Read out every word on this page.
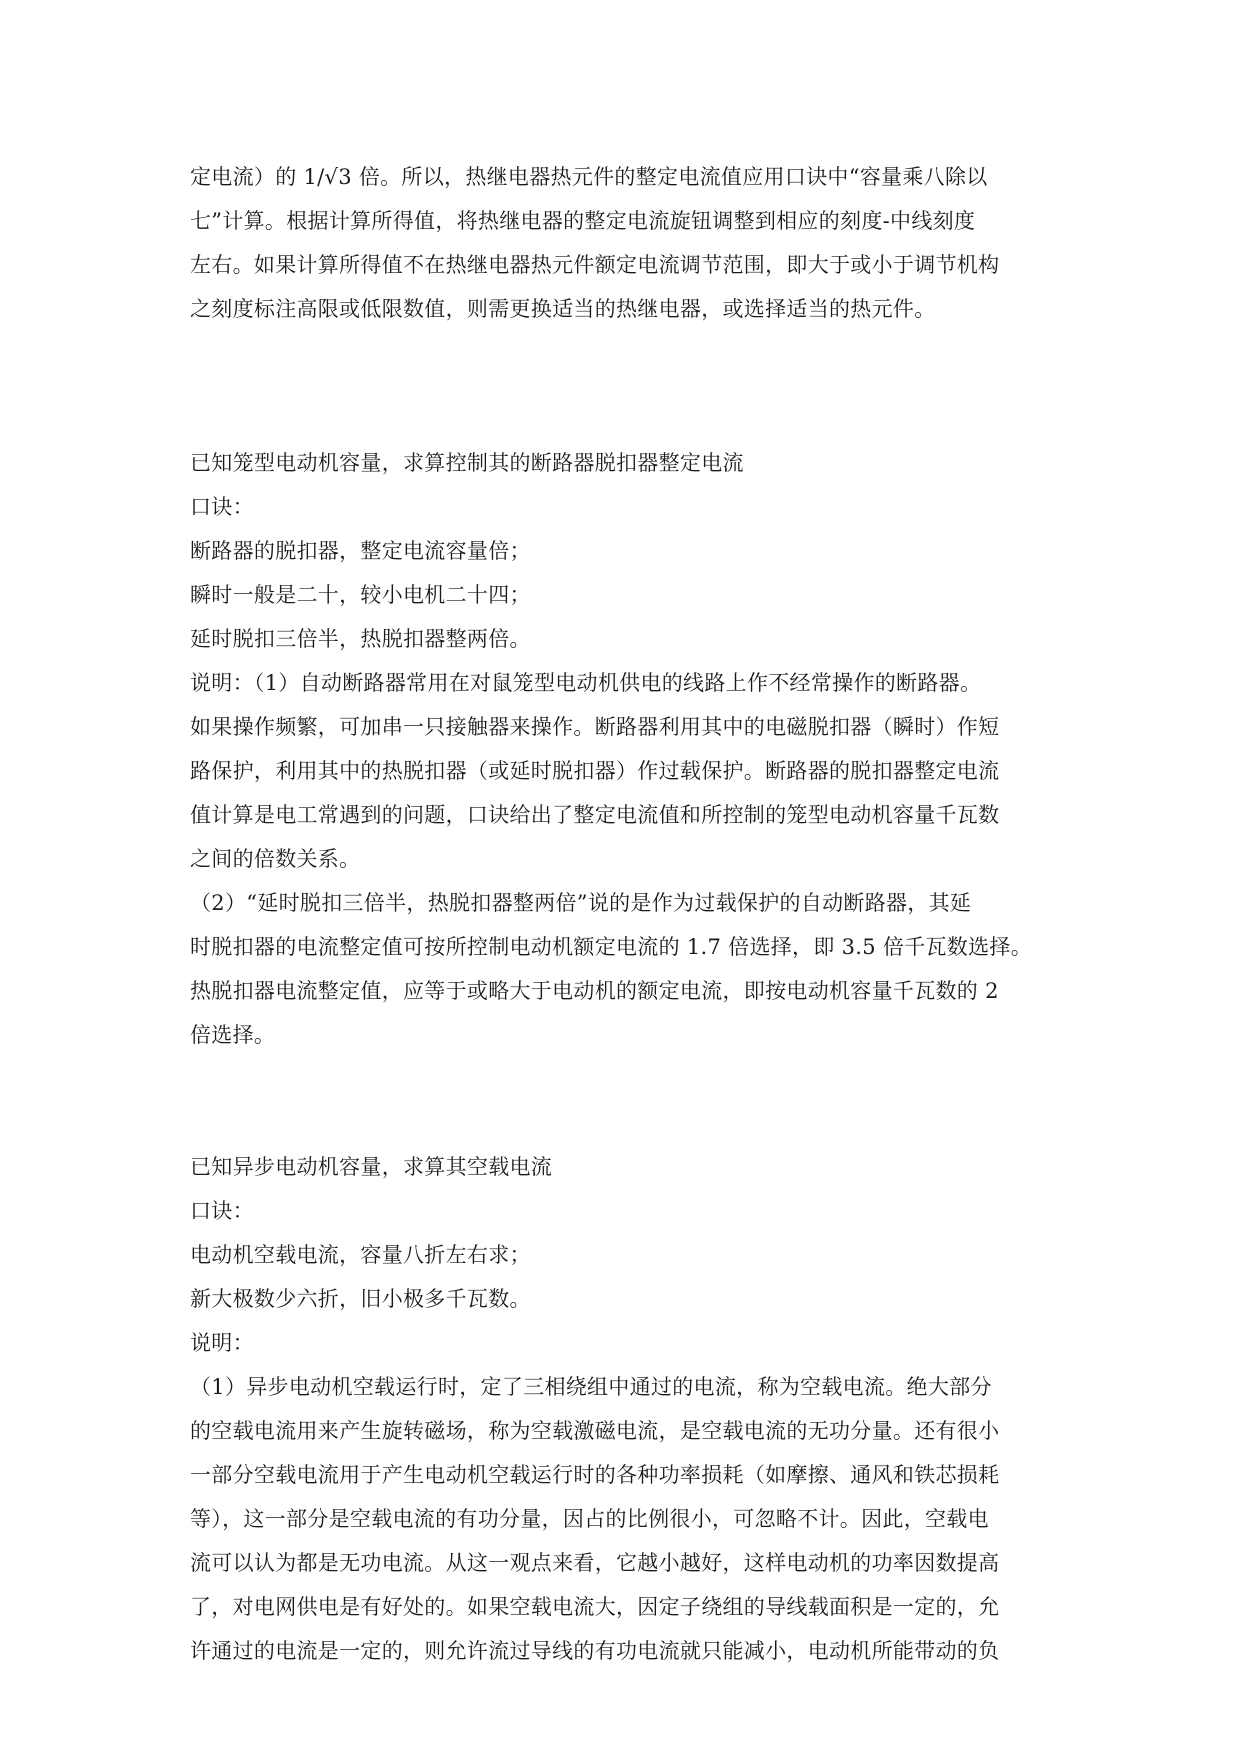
定电流）的 1/√3 倍。所以，热继电器热元件的整定电流值应用口诀中“容量乘八除以
七”计算。根据计算所得值，将热继电器的整定电流旋钮调整到相应的刻度-中线刻度
左右。如果计算所得值不在热继电器热元件额定电流调节范围，即大于或小于调节机构
之刻度标注高限或低限数值，则需更换适当的热继电器，或选择适当的热元件。
已知笼型电动机容量，求算控制其的断路器脱扣器整定电流
口诀：
断路器的脱扣器，整定电流容量倍；
瞬时一般是二十，较小电机二十四；
延时脱扣三倍半，热脱扣器整两倍。
说明：（1）自动断路器常用在对鼠笼型电动机供电的线路上作不经常操作的断路器。
如果操作频繁，可加串一只接触器来操作。断路器利用其中的电磁脱扣器（瞬时）作短
路保护，利用其中的热脱扣器（或延时脱扣器）作过载保护。断路器的脱扣器整定电流
值计算是电工常遇到的问题，口诀给出了整定电流值和所控制的笼型电动机容量千瓦数
之间的倍数关系。
（2）“延时脱扣三倍半，热脱扣器整两倍”说的是作为过载保护的自动断路器，其延
时脱扣器的电流整定值可按所控制电动机额定电流的 1.7 倍选择，即 3.5 倍千瓦数选择。
热脱扣器电流整定值，应等于或略大于电动机的额定电流，即按电动机容量千瓦数的 2
倍选择。
已知异步电动机容量，求算其空载电流
口诀：
电动机空载电流，容量八折左右求；
新大极数少六折，旧小极多千瓦数。
说明：
（1）异步电动机空载运行时，定了三相绕组中通过的电流，称为空载电流。绝大部分
的空载电流用来产生旋转磁场，称为空载激磁电流，是空载电流的无功分量。还有很小
一部分空载电流用于产生电动机空载运行时的各种功率损耗（如摩擦、通风和铁芯损耗
等），这一部分是空载电流的有功分量，因占的比例很小，可忽略不计。因此，空载电
流可以认为都是无功电流。从这一观点来看，它越小越好，这样电动机的功率因数提高
了，对电网供电是有好处的。如果空载电流大，因定子绕组的导线载面积是一定的，允
许通过的电流是一定的，则允许流过导线的有功电流就只能减小，电动机所能带动的负
